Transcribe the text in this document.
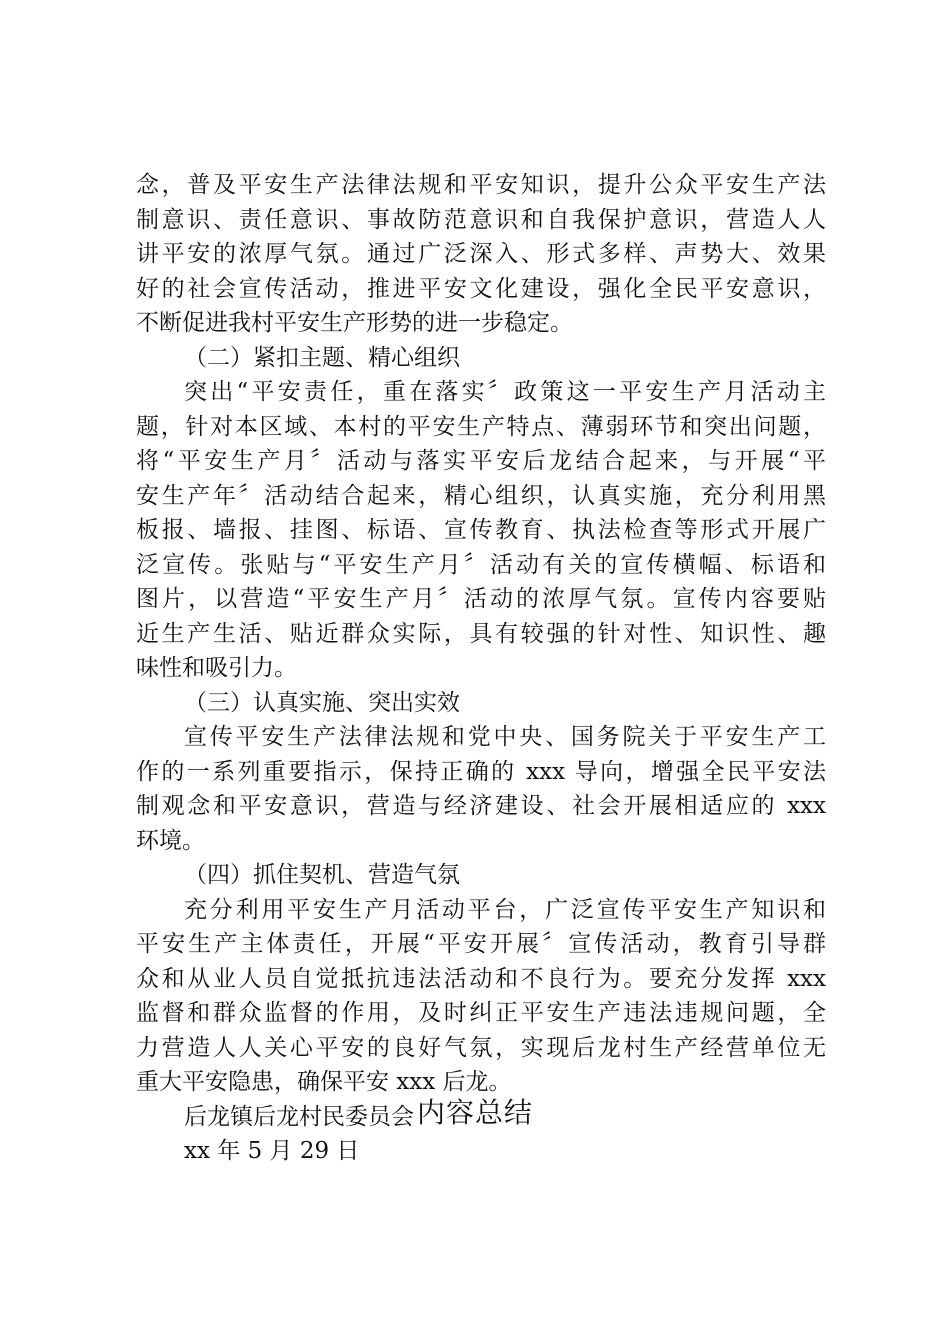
念，普及平安生产法律法规和平安知识，提升公众平安生产法
制意识、责任意识、事故防范意识和自我保护意识，营造人人
讲平安的浓厚气氛。通过广泛深入、形式多样、声势大、效果
好的社会宣传活动，推进平安文化建设，强化全民平安意识，
不断促进我村平安生产形势的进一步稳定。
（二）紧扣主题、精心组织
突出“平安责任，重在落实〞政策这一平安生产月活动主
题，针对本区域、本村的平安生产特点、薄弱环节和突出问题，
将“平安生产月〞活动与落实平安后龙结合起来，与开展“平
安生产年〞活动结合起来，精心组织，认真实施，充分利用黑
板报、墙报、挂图、标语、宣传教育、执法检查等形式开展广
泛宣传。张贴与“平安生产月〞活动有关的宣传横幅、标语和
图片，以营造“平安生产月〞活动的浓厚气氛。宣传内容要贴
近生产生活、贴近群众实际，具有较强的针对性、知识性、趣
味性和吸引力。
（三）认真实施、突出实效
宣传平安生产法律法规和党中央、国务院关于平安生产工
作的一系列重要指示，保持正确的 xxx 导向，增强全民平安法
制观念和平安意识，营造与经济建设、社会开展相适应的 xxx
环境。
（四）抓住契机、营造气氛
充分利用平安生产月活动平台，广泛宣传平安生产知识和
平安生产主体责任，开展“平安开展〞宣传活动，教育引导群
众和从业人员自觉抵抗违法活动和不良行为。要充分发挥 xxx
监督和群众监督的作用，及时纠正平安生产违法违规问题，全
力营造人人关心平安的良好气氛，实现后龙村生产经营单位无
重大平安隐患，确保平安 xxx 后龙。
后龙镇后龙村民委员会
xx 年 5 月 29 日
内容总结
